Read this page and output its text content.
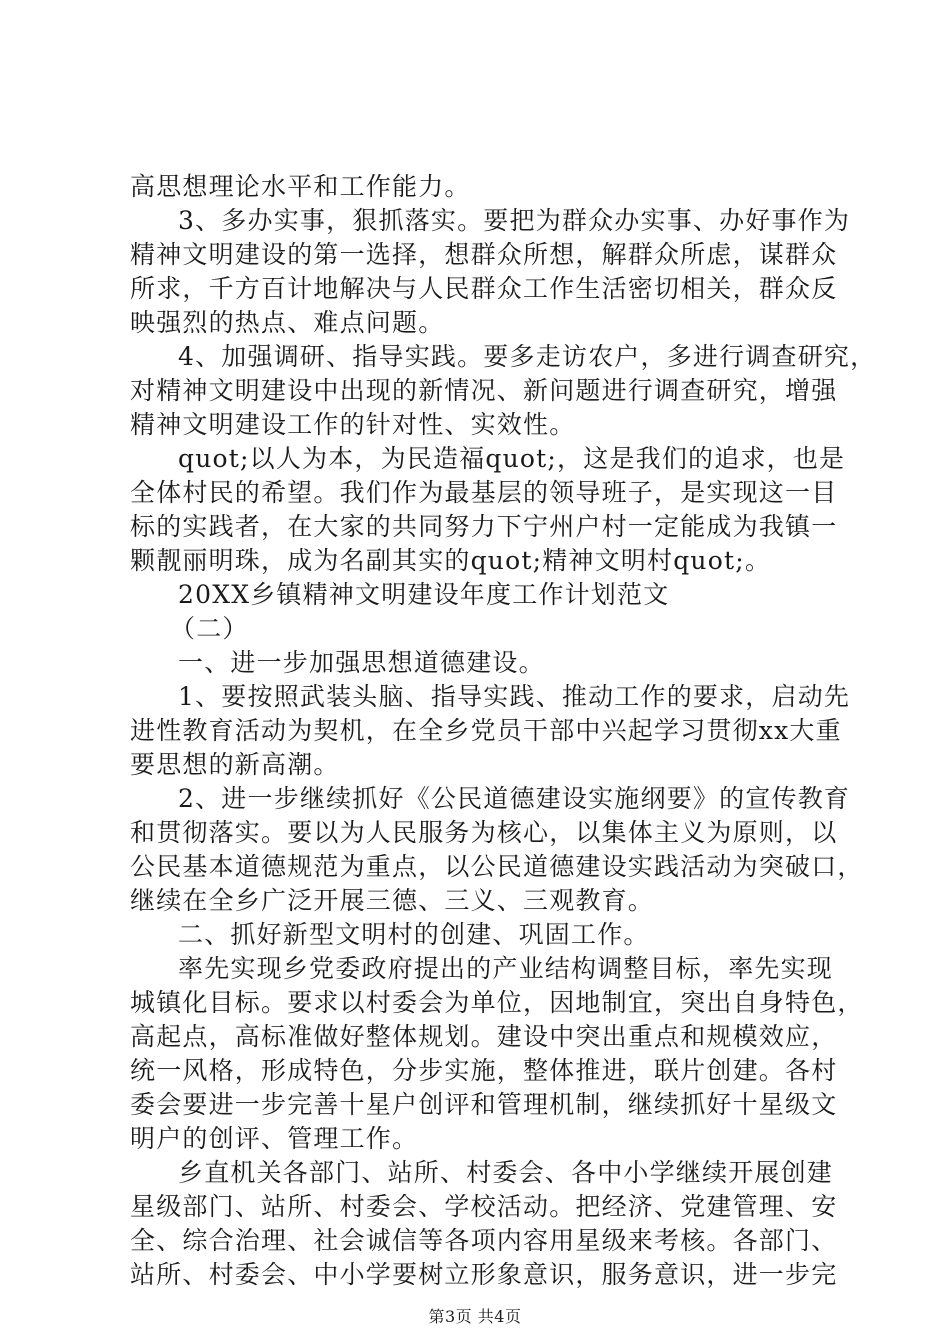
高思想理论水平和工作能力。
3、多办实事，狠抓落实。要把为群众办实事、办好事作为
精神文明建设的第一选择，想群众所想，解群众所虑，谋群众
所求，千方百计地解决与人民群众工作生活密切相关，群众反
映强烈的热点、难点问题。
4、加强调研、指导实践。要多走访农户，多进行调查研究，
对精神文明建设中出现的新情况、新问题进行调查研究，增强
精神文明建设工作的针对性、实效性。
quot;以人为本，为民造福quot;，这是我们的追求，也是
全体村民的希望。我们作为最基层的领导班子，是实现这一目
标的实践者，在大家的共同努力下宁州户村一定能成为我镇一
颗靓丽明珠，成为名副其实的quot;精神文明村quot;。
20XX乡镇精神文明建设年度工作计划范文
（二）
一、进一步加强思想道德建设。
1、要按照武装头脑、指导实践、推动工作的要求，启动先
进性教育活动为契机，在全乡党员干部中兴起学习贯彻xx大重
要思想的新高潮。
2、进一步继续抓好《公民道德建设实施纲要》的宣传教育
和贯彻落实。要以为人民服务为核心，以集体主义为原则，以
公民基本道德规范为重点，以公民道德建设实践活动为突破口，
继续在全乡广泛开展三德、三义、三观教育。
二、抓好新型文明村的创建、巩固工作。
率先实现乡党委政府提出的产业结构调整目标，率先实现
城镇化目标。要求以村委会为单位，因地制宜，突出自身特色，
高起点，高标准做好整体规划。建设中突出重点和规模效应，
统一风格，形成特色，分步实施，整体推进，联片创建。各村
委会要进一步完善十星户创评和管理机制，继续抓好十星级文
明户的创评、管理工作。
乡直机关各部门、站所、村委会、各中小学继续开展创建
星级部门、站所、村委会、学校活动。把经济、党建管理、安
全、综合治理、社会诚信等各项内容用星级来考核。各部门、
站所、村委会、中小学要树立形象意识，服务意识，进一步完
第3页 共4页
